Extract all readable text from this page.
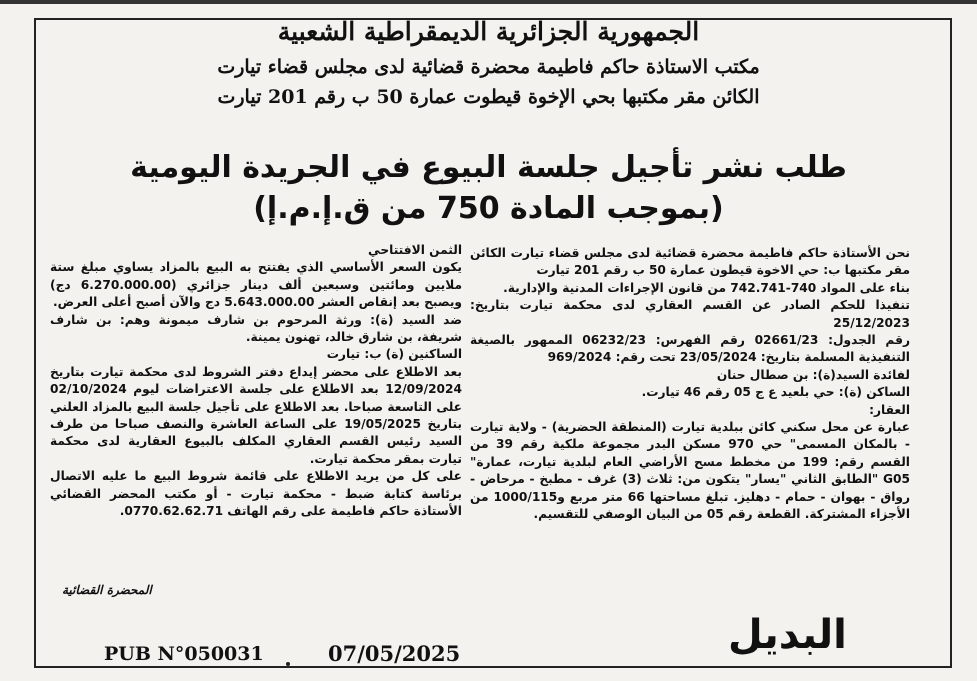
الجمهورية الجزائرية الديمقراطية الشعبية
مكتب الاستاذة حاكم فاطيمة محضرة قضائية لدى مجلس قضاء تيارت
الكائن مقر مكتبها بحي الإخوة قيطوت عمارة 50 ب رقم 201 تيارت
طلب نشر تأجيل جلسة البيوع في الجريدة اليومية
(بموجب المادة 750 من ق.إ.م.إ)

نحن الأستاذة حاكم فاطيمة محضرة قضائية لدى مجلس قضاء تيارت الكائن مقر مكتبها ب: حي الاخوة قيطون عمارة 50 ب رقم 201 تيارت

بناء على المواد 740-742.741 من قانون الإجراءات المدنية والإدارية.

تنفيذا للحكم الصادر عن القسم العقاري لدى محكمة تيارت بتاريخ: 25/12/2023

رقم الجدول: 02661/23 رقم الفهرس: 06232/23 الممهور بالصيغة التنفيذية المسلمة بتاريخ: 23/05/2024 تحت رقم: 969/2024

لفائدة السيد(ة): بن صطال حنان

الساكن (ة): حي بلعيد ع ج 05 رقم 46 تيارت.

العقار:

عبارة عن محل سكني كائن ببلدية تيارت (المنطقة الحضرية) - ولاية تيارت - بالمكان المسمى" حي 970 مسكن البدر مجموعة ملكية رقم 39 من القسم رقم: 199 من مخطط مسح الأراضي العام لبلدية تيارت، عمارة" G05 "الطابق الثاني "يسار" يتكون من: ثلاث (3) غرف - مطبخ - مرحاض - رواق - بهوان - حمام - دهليز. تبلغ مساحتها 66 متر مربع و1000/115 من الأجزاء المشتركة. القطعة رقم 05 من البيان الوصفي للتقسيم.

الثمن الافتتاحي

يكون السعر الأساسي الذي يفتتح به البيع بالمزاد يساوي مبلغ ستة ملايين ومائتين وسبعين ألف دينار جزائري (6.270.000.00 دج) ويصبح بعد إنقاص العشر 5.643.000.00 دج والآن أصبح أعلى العرض.

ضد السيد (ة): ورثة المرحوم بن شارف ميمونة وهم: بن شارف شريفة، بن شارق خالد، تهنون يمينة.

الساكنين (ة) ب: تيارت

بعد الاطلاع على محضر إيداع دفتر الشروط لدى محكمة تيارت بتاريخ 12/09/2024 بعد الاطلاع على جلسة الاعتراضات ليوم 02/10/2024 على التاسعة صباحا. بعد الاطلاع على تأجيل جلسة البيع بالمزاد العلني بتاريخ 19/05/2025 على الساعة العاشرة والنصف صباحا من طرف السيد رئيس القسم العقاري المكلف بالبيوع العقارية لدى محكمة تيارت بمقر محكمة تيارت.

على كل من يريد الاطلاع على قائمة شروط البيع ما عليه الاتصال برئاسة كتابة ضبط - محكمة تيارت - أو مكتب المحضر القضائي الأستاذة حاكم فاطيمة على رقم الهاتف 0770.62.62.71.

المحضرة القضائية
البديل
PUB N°050031	07/05/2025
